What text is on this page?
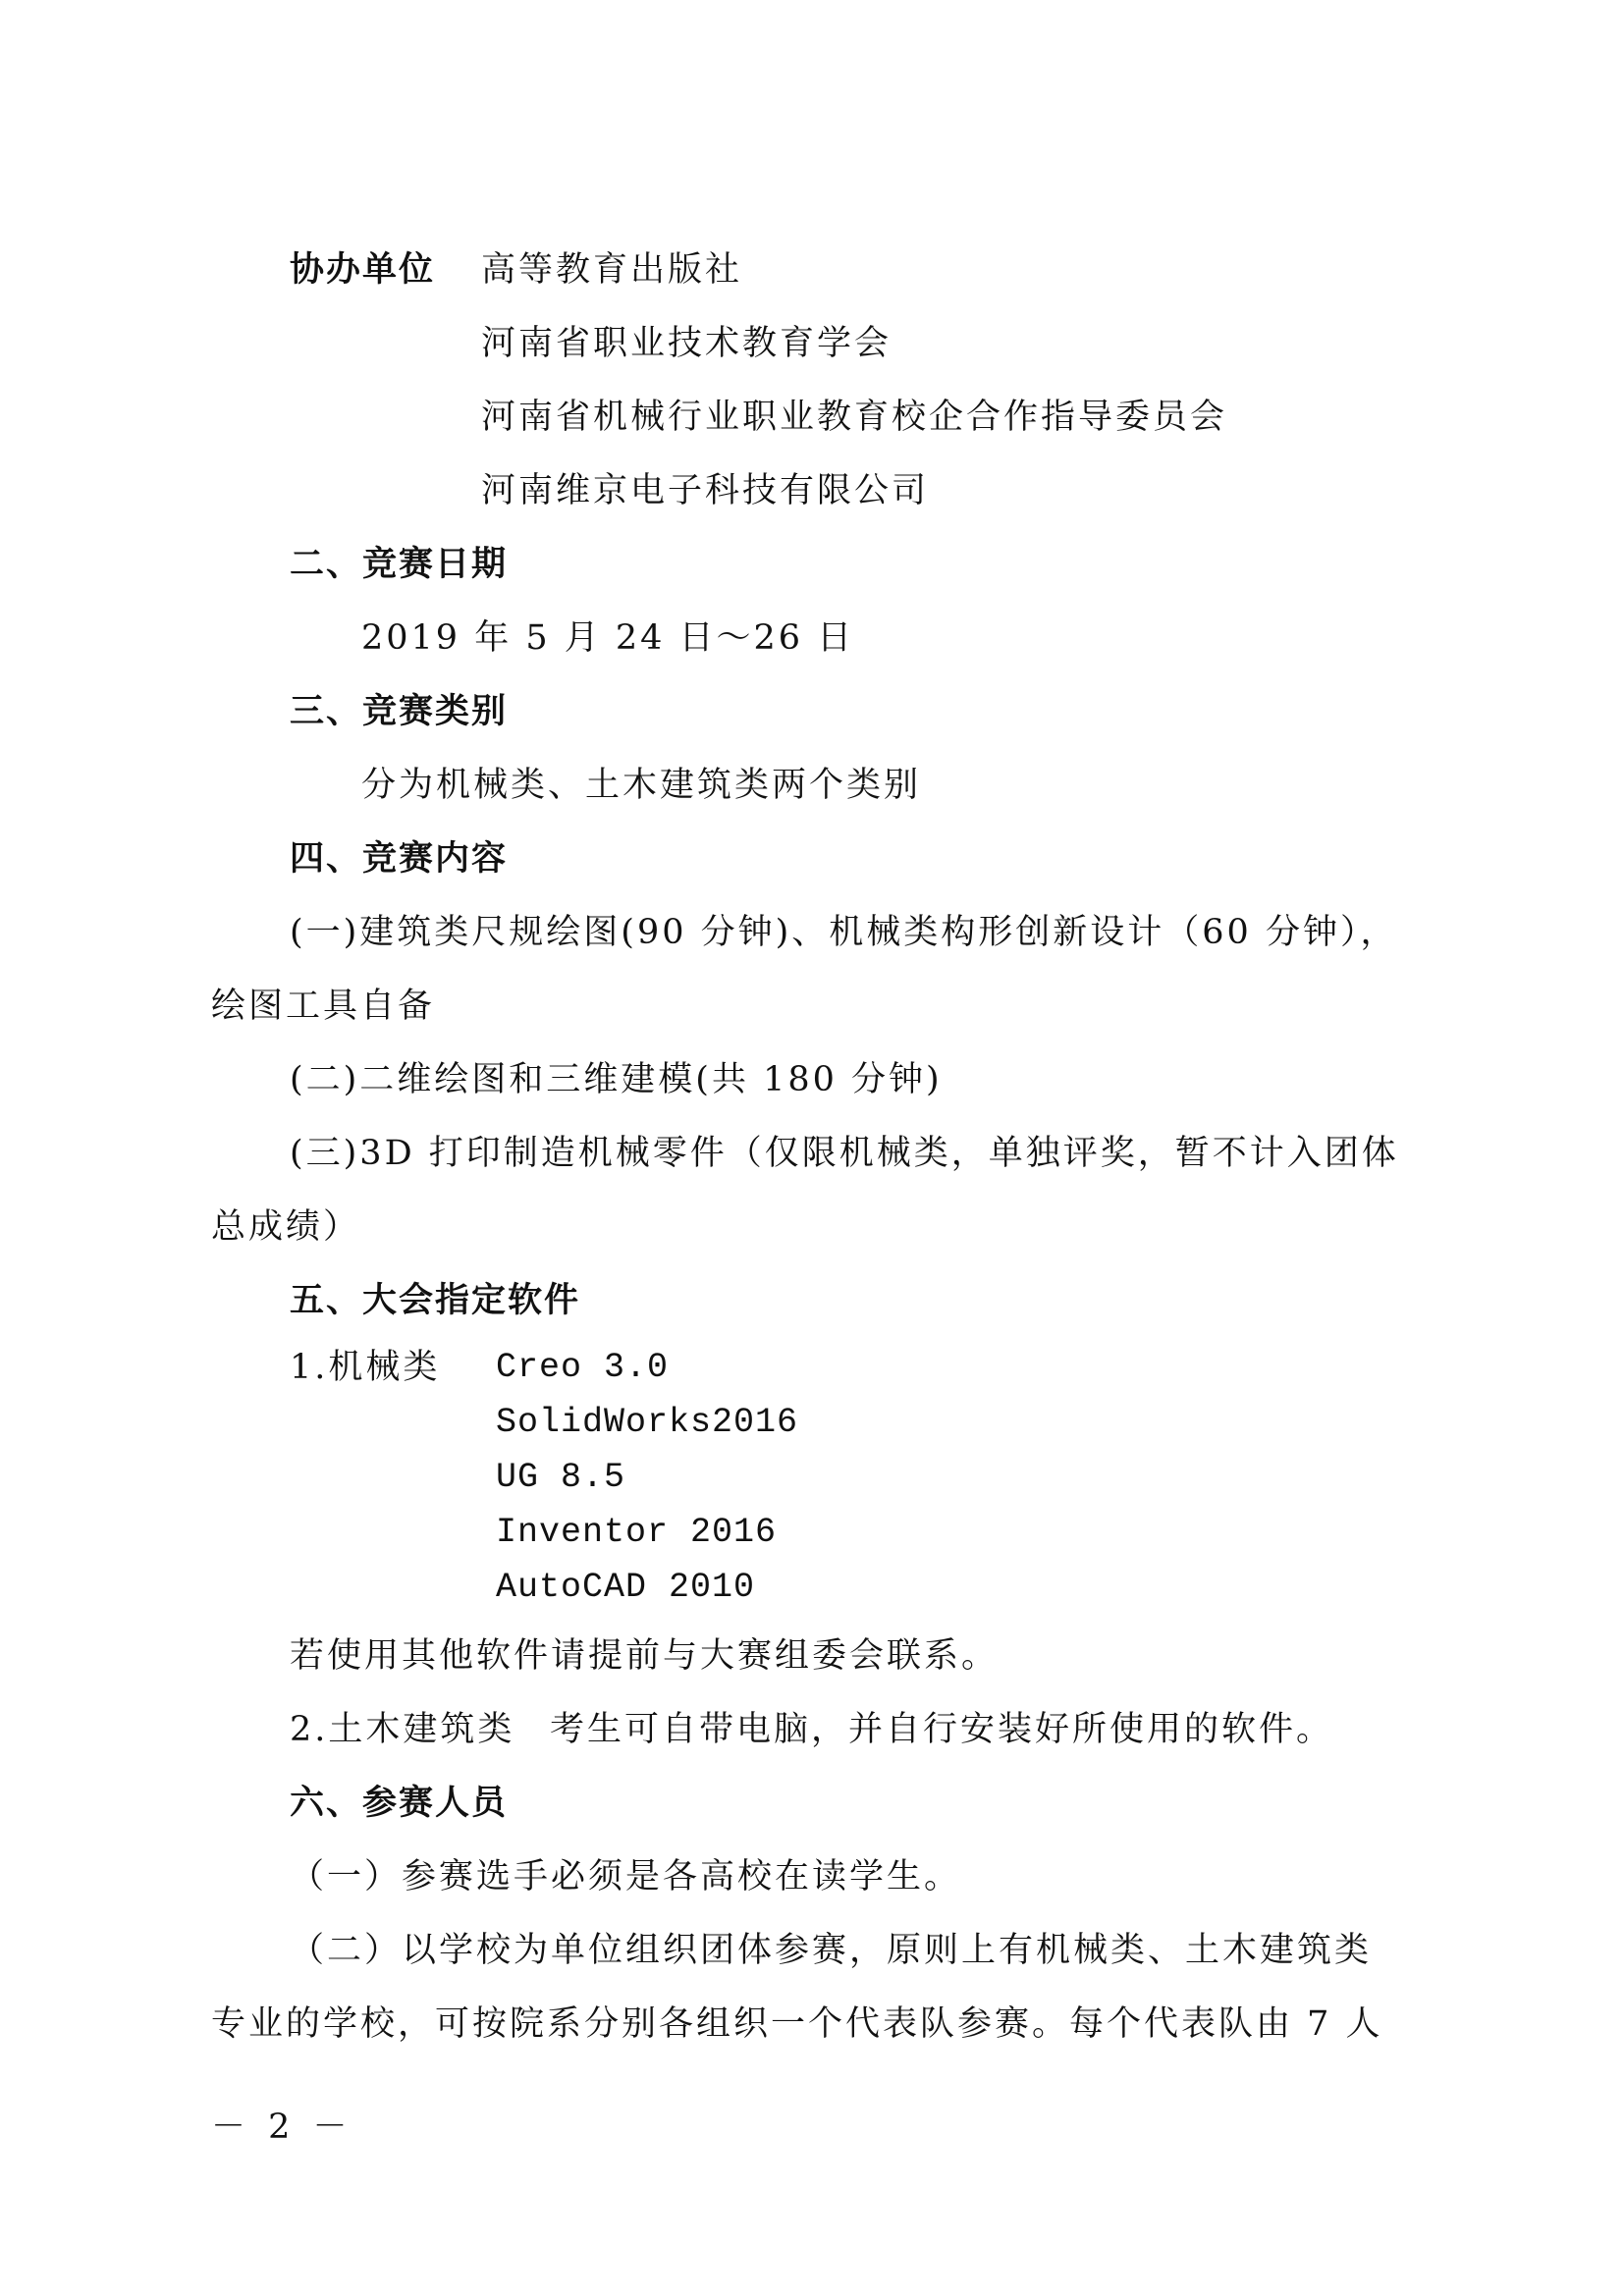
协办单位 高等教育出版社
河南省职业技术教育学会
河南省机械行业职业教育校企合作指导委员会
河南维京电子科技有限公司
二、竞赛日期
2019 年 5 月 24 日～26 日
三、竞赛类别
分为机械类、土木建筑类两个类别
四、竞赛内容
(一)建筑类尺规绘图(90 分钟)、机械类构形创新设计（60 分钟），
绘图工具自备
(二)二维绘图和三维建模(共 180 分钟)
(三)3D 打印制造机械零件（仅限机械类，单独评奖，暂不计入团体
总成绩）
五、大会指定软件
1.机械类 Creo 3.0
SolidWorks2016
UG 8.5
Inventor 2016
AutoCAD 2010
若使用其他软件请提前与大赛组委会联系。
2.土木建筑类 考生可自带电脑，并自行安装好所使用的软件。
六、参赛人员
（一）参赛选手必须是各高校在读学生。
（二）以学校为单位组织团体参赛，原则上有机械类、土木建筑类
专业的学校，可按院系分别各组织一个代表队参赛。每个代表队由 7 人
－ 2 －
